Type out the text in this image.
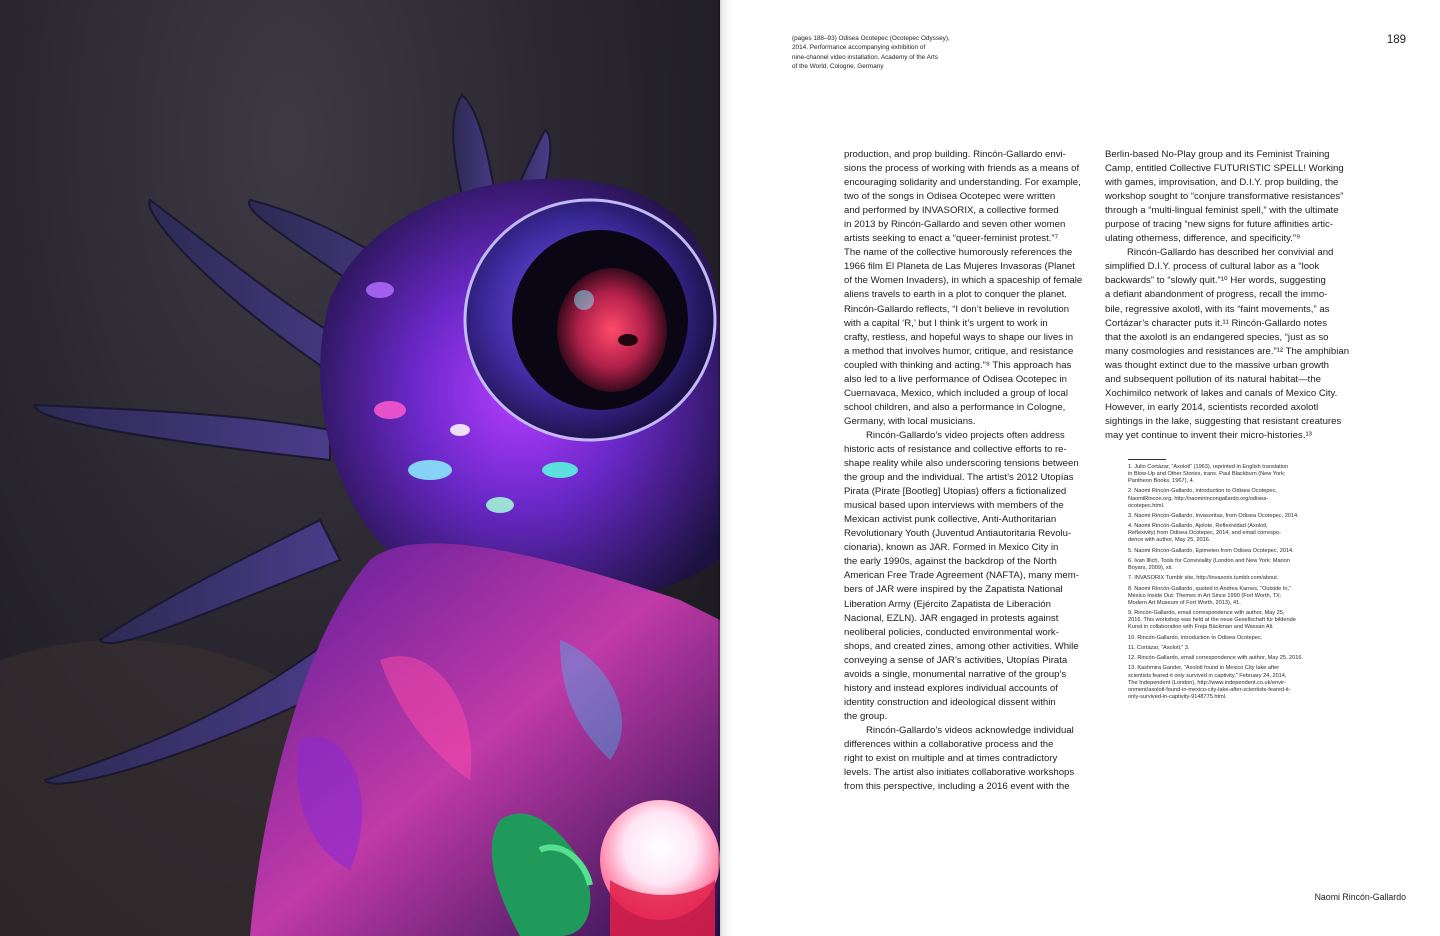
(pages 188–93) Odisea Ocotepec (Ocotepec Odyssey),

2014. Performance accompanying exhibition of

nine-channel video installation. Academy of the Arts

of the World, Cologne, Germany

189

production, and prop building. Rincón-Gallardo envi-
sions the process of working with friends as a means of
encouraging solidarity and understanding. For example,
two of the songs in Odisea Ocotepec were written
and performed by INVASORIX, a collective formed
in 2013 by Rincón-Gallardo and seven other women
artists seeking to enact a “queer-feminist protest.”⁷
The name of the collective humorously references the
1966 film El Planeta de Las Mujeres Invasoras (Planet
of the Women Invaders), in which a spaceship of female
aliens travels to earth in a plot to conquer the planet.
Rincón-Gallardo reflects, “I don’t believe in revolution
with a capital ‘R,’ but I think it’s urgent to work in
crafty, restless, and hopeful ways to shape our lives in
a method that involves humor, critique, and resistance
coupled with thinking and acting.”⁸ This approach has
also led to a live performance of Odisea Ocotepec in
Cuernavaca, Mexico, which included a group of local
school children, and also a performance in Cologne,
Germany, with local musicians.

Rincón-Gallardo’s video projects often address
historic acts of resistance and collective efforts to re-
shape reality while also underscoring tensions between
the group and the individual. The artist’s 2012 Utopías
Pirata (Pirate [Bootleg] Utopias) offers a fictionalized
musical based upon interviews with members of the
Mexican activist punk collective, Anti-Authoritarian
Revolutionary Youth (Juventud Antiautoritaria Revolu-
cionaria), known as JAR. Formed in Mexico City in
the early 1990s, against the backdrop of the North
American Free Trade Agreement (NAFTA), many mem-
bers of JAR were inspired by the Zapatista National
Liberation Army (Ejército Zapatista de Liberación
Nacional, EZLN). JAR engaged in protests against
neoliberal policies, conducted environmental work-
shops, and created zines, among other activities. While
conveying a sense of JAR’s activities, Utopías Pirata
avoids a single, monumental narrative of the group’s
history and instead explores individual accounts of
identity construction and ideological dissent within
the group.

Rincón-Gallardo’s videos acknowledge individual
differences within a collaborative process and the
right to exist on multiple and at times contradictory
levels. The artist also initiates collaborative workshops
from this perspective, including a 2016 event with the

Berlin-based No-Play group and its Feminist Training
Camp, entitled Collective FUTURISTIC SPELL! Working
with games, improvisation, and D.I.Y. prop building, the
workshop sought to “conjure transformative resistances”
through a “multi-lingual feminist spell,” with the ultimate
purpose of tracing “new signs for future affinities artic-
ulating otherness, difference, and specificity.”⁹

Rincón-Gallardo has described her convivial and
simplified D.I.Y. process of cultural labor as a “look
backwards” to “slowly quit.”¹⁰ Her words, suggesting
a defiant abandonment of progress, recall the immo-
bile, regressive axolotl, with its “faint movements,” as
Cortázar’s character puts it.¹¹ Rincón-Gallardo notes
that the axolotl is an endangered species, “just as so
many cosmologies and resistances are.”¹² The amphibian
was thought extinct due to the massive urban growth
and subsequent pollution of its natural habitat—the
Xochimilco network of lakes and canals of Mexico City.
However, in early 2014, scientists recorded axolotl
sightings in the lake, suggesting that resistant creatures
may yet continue to invent their micro-histories.¹³

1. Julio Cortázar, “Axolotl” (1963), reprinted in English translation
in Blow-Up and Other Stories, trans. Paul Blackburn (New York:
Pantheon Books, 1967), 4.

2. Naomi Rincón-Gallardo, introduction to Odisea Ocotepec,
NaomiRincon.org, http://naomirincongallardo.org/odisea-
ocotepec.html.

3. Naomi Rincón-Gallardo, Invasoritas, from Odisea Ocotepec, 2014.

4. Naomi Rincón-Gallardo, Ajolote, Reflexividad (Axolotl,
Reflexivity) from Odisea Ocotepec, 2014, and email correspo-
dence with author, May 25, 2016.

5. Naomi Rincón-Gallardo, Epimeteo from Odisea Ocotepec, 2014.

6. Ivan Illich, Tools for Conviviality (London and New York: Marion
Boyars, 2009), xii.

7. INVASORIX Tumblr site, http://invasorix.tumblr.com/about.

8. Naomi Rincón-Gallardo, quoted in Andrea Karnes, “Outside In,”
México Inside Out: Themes in Art Since 1990 (Fort Worth, TX:
Modern Art Museum of Fort Worth, 2013), 41.

9. Rincón-Gallardo, email correspondence with author, May 25,
2016. This workshop was held at the neue Gesellschaft für bildende
Kunst in collaboration with Freja Bäckman and Wassan Ali.

10. Rincón-Gallardo, introduction to Odisea Ocotepec.

11. Cortázar, “Axolotl,” 3.

12. Rincón-Gallardo, email correspondence with author, May 25, 2016.

13. Kashmira Gander, “Axolotl found in Mexico City lake after
scientists feared it only survived in captivity,” February 24, 2014,
The Independent (London), http://www.independent.co.uk/envir-
onment/axolotl-found-in-mexico-city-lake-after-scientists-feared-it-
only-survived-in-captivity-9148775.html.

Naomi Rincón-Gallardo
